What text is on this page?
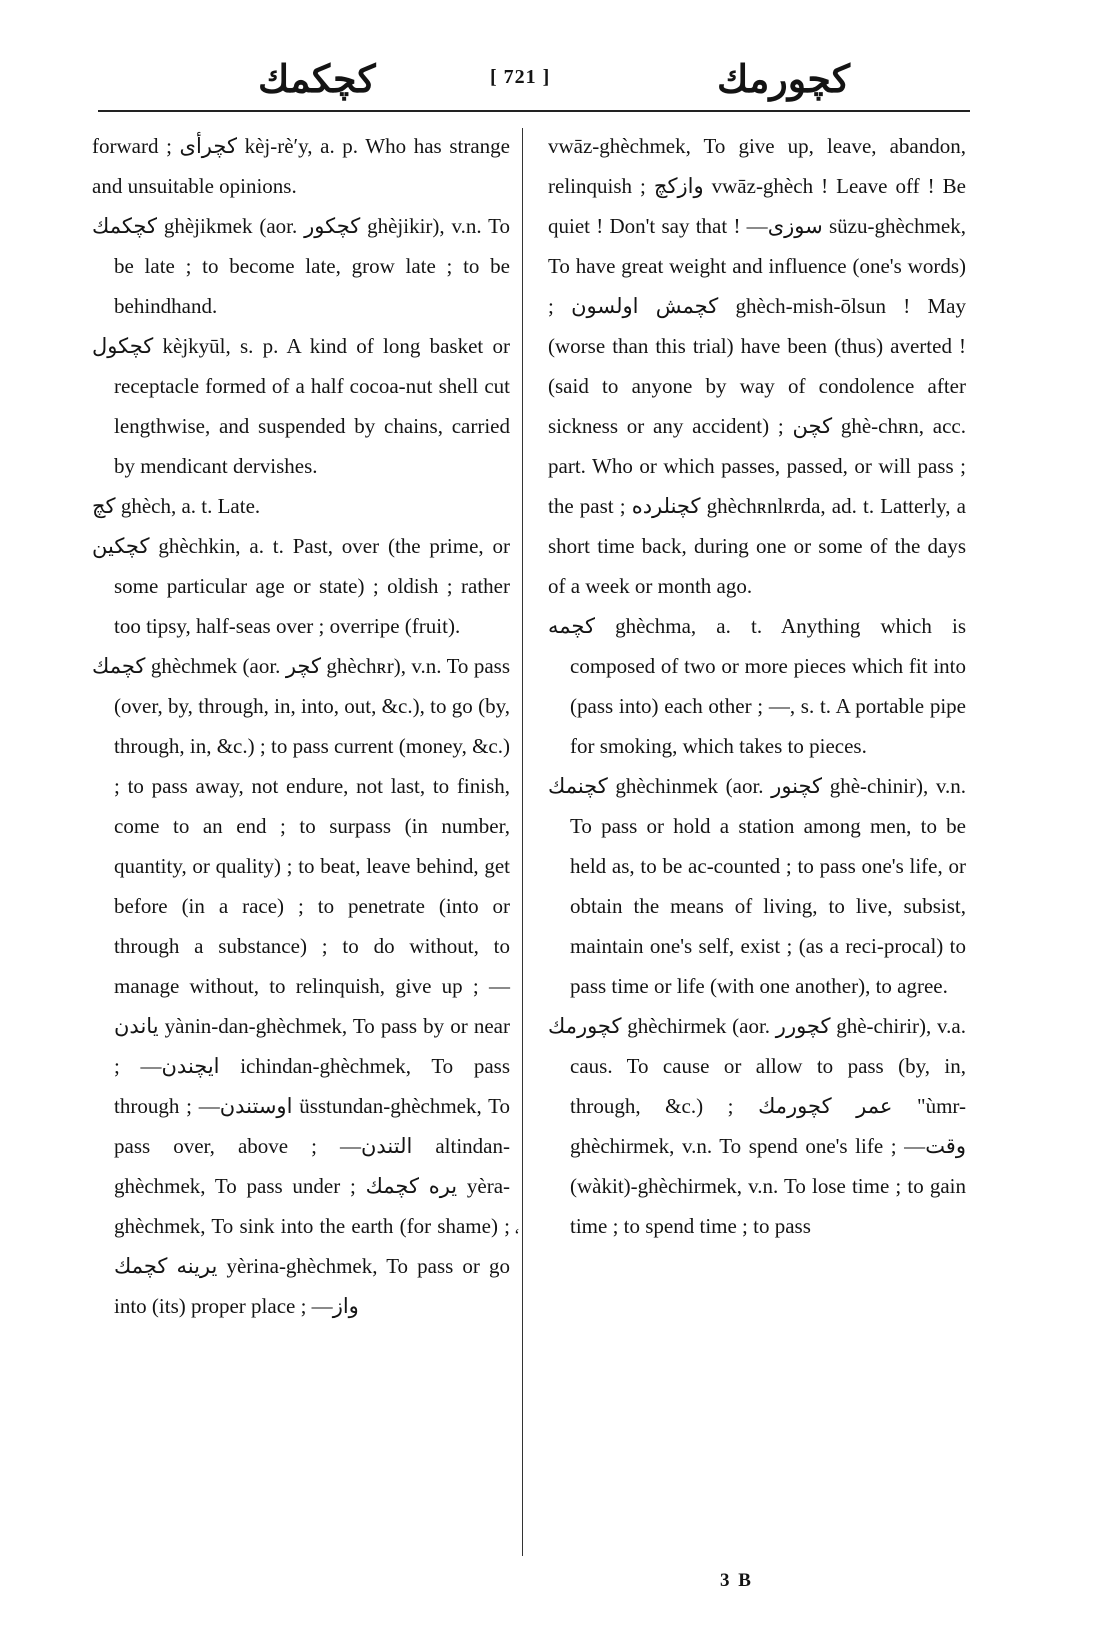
كچكمك	[ 721 ]	كچورمك

forward ; كچرأى kèj-rèʹy, a. p. Who has strange and unsuitable opinions.

كچكمك ghèjikmek (aor. كچكور ghèjikir), v.n. To be late ; to become late, grow late ; to be behindhand.

كچكول kèjkyūl, s. p. A kind of long basket or receptacle formed of a half cocoa-nut shell cut lengthwise, and suspended by chains, carried by mendicant dervishes.

كچ ghèch, a. t. Late.

كچكين ghèchkin, a. t. Past, over (the prime, or some particular age or state) ; oldish ; rather too tipsy, half-seas over ; overripe (fruit).

كچمك ghèchmek (aor. كچر ghèchʀr), v.n. To pass (over, by, through, in, into, out, &c.), to go (by, through, in, &c.) ; to pass current (money, &c.) ; to pass away, not endure, not last, to finish, come to an end ; to surpass (in number, quantity, or quality) ; to beat, leave behind, get before (in a race) ; to penetrate (into or through a substance) ; to do without, to manage without, to relinquish, give up ; —ياندن yànin-dan-ghèchmek, To pass by or near ; —ايچندن ichindan-ghèchmek, To pass through ; —اوستندن üsstundan-ghèchmek, To pass over, above ; —التندن altindan-ghèchmek, To pass under ; يره كچمك yèra-ghèchmek, To sink into the earth (for shame) ; يرينه كچمك yèrina-ghèchmek, To pass or go into (its) proper place ; —واز

vwāz-ghèchmek, To give up, leave, abandon, relinquish ; وازكچ vwāz-ghèch ! Leave off ! Be quiet ! Don't say that ! —سوزى süzu-ghèchmek, To have great weight and influence (one's words) ; كچمش اولسون ghèch-mish-ōlsun ! May (worse than this trial) have been (thus) averted ! (said to anyone by way of condolence after sickness or any accident) ; كچن ghè-chʀn, acc. part. Who or which passes, passed, or will pass ; the past ; كچنلرده ghèchʀnlʀrda, ad. t. Latterly, a short time back, during one or some of the days of a week or month ago.

كچمه ghèchma, a. t. Anything which is composed of two or more pieces which fit into (pass into) each other ; —, s. t. A portable pipe for smoking, which takes to pieces.

كچنمك ghèchinmek (aor. كچنور ghè-chinir), v.n. To pass or hold a station among men, to be held as, to be ac-counted ; to pass one's life, or obtain the means of living, to live, subsist, maintain one's self, exist ; (as a reci-procal) to pass time or life (with one another), to agree.

كچورمك ghèchirmek (aor. كچورر ghè-chirir), v.a. caus. To cause or allow to pass (by, in, through, &c.) ; عمر كچورمك "ùmr-ghèchirmek, v.n. To spend one's life ; —وقت (wàkit)-ghèchirmek, v.n. To lose time ; to gain time ; to spend time ; to pass

‘
3 B
